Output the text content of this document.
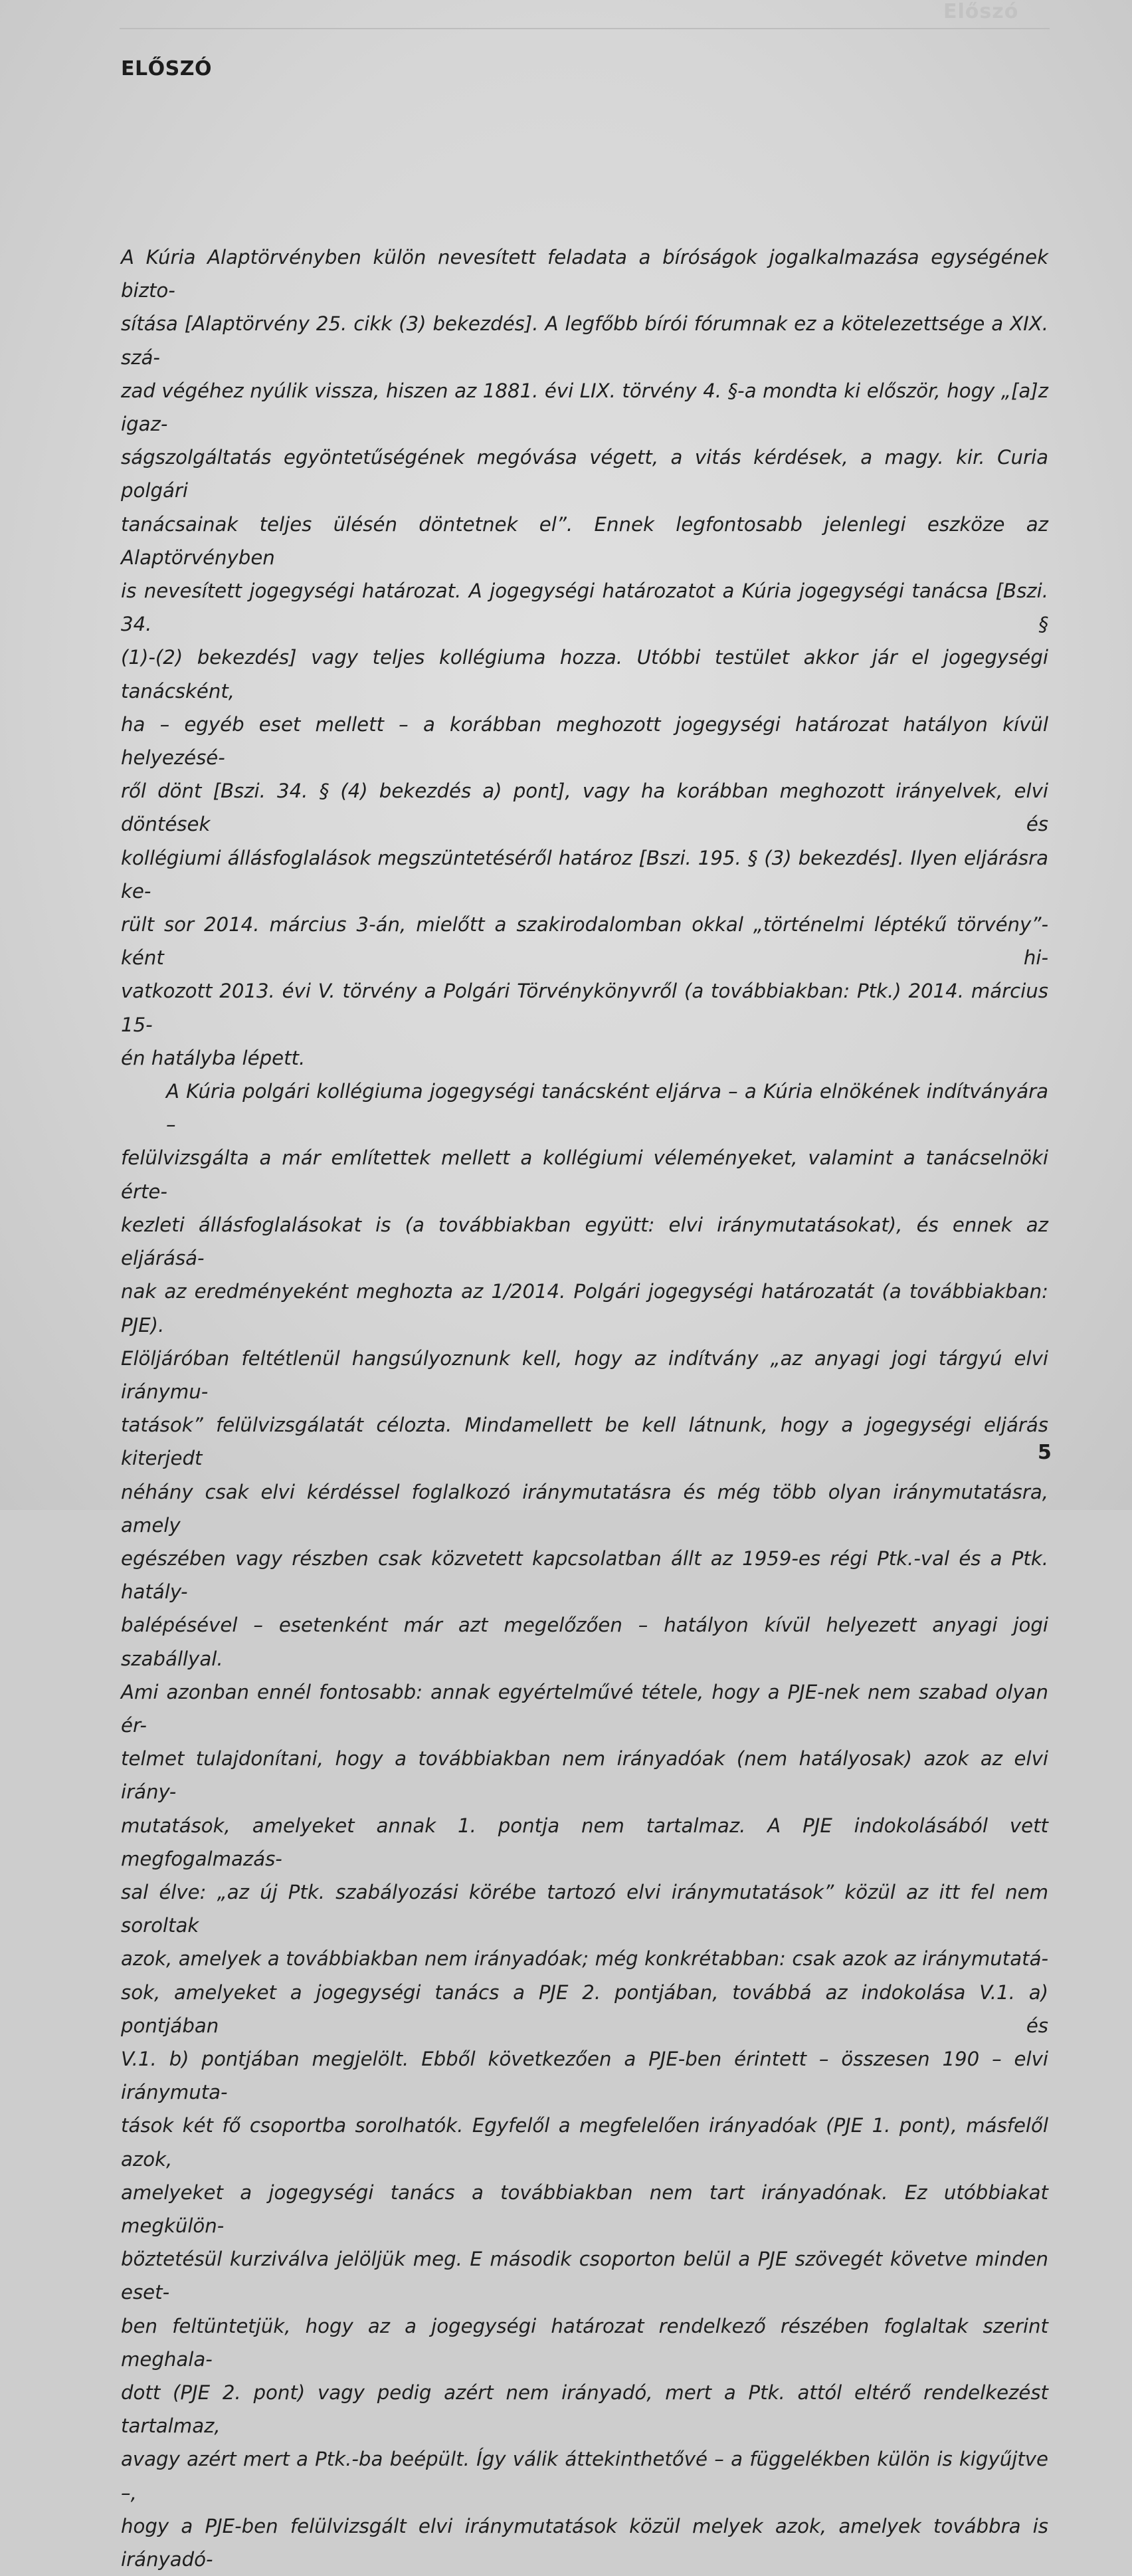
Előszó
ELŐSZÓ
A Kúria Alaptörvényben külön nevesített feladata a bíróságok jogalkalmazása egységének bizto-
sítása [Alaptörvény 25. cikk (3) bekezdés]. A legfőbb bírói fórumnak ez a kötelezettsége a XIX. szá-
zad végéhez nyúlik vissza, hiszen az 1881. évi LIX. törvény 4. §-a mondta ki először, hogy „[a]z igaz-
ságszolgáltatás egyöntetűségének megóvása végett, a vitás kérdések, a magy. kir. Curia polgári
tanácsainak teljes ülésén döntetnek el”. Ennek legfontosabb jelenlegi eszköze az Alaptörvényben
is nevesített jogegységi határozat. A jogegységi határozatot a Kúria jogegységi tanácsa [Bszi. 34. §
(1)-(2) bekezdés] vagy teljes kollégiuma hozza. Utóbbi testület akkor jár el jogegységi tanácsként,
ha – egyéb eset mellett – a korábban meghozott jogegységi határozat hatályon kívül helyezésé-
ről dönt [Bszi. 34. § (4) bekezdés a) pont], vagy ha korábban meghozott irányelvek, elvi döntések és
kollégiumi állásfoglalások megszüntetéséről határoz [Bszi. 195. § (3) bekezdés]. Ilyen eljárásra ke-
rült sor 2014. március 3-án, mielőtt a szakirodalomban okkal „történelmi léptékű törvény”-ként hi-
vatkozott 2013. évi V. törvény a Polgári Törvénykönyvről (a továbbiakban: Ptk.) 2014. március 15-
én hatályba lépett.
A Kúria polgári kollégiuma jogegységi tanácsként eljárva – a Kúria elnökének indítványára –
felülvizsgálta a már említettek mellett a kollégiumi véleményeket, valamint a tanácselnöki érte-
kezleti állásfoglalásokat is (a továbbiakban együtt: elvi iránymutatásokat), és ennek az eljárásá-
nak az eredményeként meghozta az 1/2014. Polgári jogegységi határozatát (a továbbiakban: PJE).
Elöljáróban feltétlenül hangsúlyoznunk kell, hogy az indítvány „az anyagi jogi tárgyú elvi iránymu-
tatások” felülvizsgálatát célozta. Mindamellett be kell látnunk, hogy a jogegységi eljárás kiterjedt
néhány csak elvi kérdéssel foglalkozó iránymutatásra és még több olyan iránymutatásra, amely
egészében vagy részben csak közvetett kapcsolatban állt az 1959-es régi Ptk.-val és a Ptk. hatály-
balépésével – esetenként már azt megelőzően – hatályon kívül helyezett anyagi jogi szabállyal.
Ami azonban ennél fontosabb: annak egyértelművé tétele, hogy a PJE-nek nem szabad olyan ér-
telmet tulajdonítani, hogy a továbbiakban nem irányadóak (nem hatályosak) azok az elvi irány-
mutatások, amelyeket annak 1. pontja nem tartalmaz. A PJE indokolásából vett megfogalmazás-
sal élve: „az új Ptk. szabályozási körébe tartozó elvi iránymutatások” közül az itt fel nem soroltak
azok, amelyek a továbbiakban nem irányadóak; még konkrétabban: csak azok az iránymutatá-
sok, amelyeket a jogegységi tanács a PJE 2. pontjában, továbbá az indokolása V.1. a) pontjában és
V.1. b) pontjában megjelölt. Ebből következően a PJE-ben érintett – összesen 190 – elvi iránymuta-
tások két fő csoportba sorolhatók. Egyfelől a megfelelően irányadóak (PJE 1. pont), másfelől azok,
amelyeket a jogegységi tanács a továbbiakban nem tart irányadónak. Ez utóbbiakat megkülön-
böztetésül kurziválva jelöljük meg. E második csoporton belül a PJE szövegét követve minden eset-
ben feltüntetjük, hogy az a jogegységi határozat rendelkező részében foglaltak szerint meghala-
dott (PJE 2. pont) vagy pedig azért nem irányadó, mert a Ptk. attól eltérő rendelkezést tartalmaz,
avagy azért mert a Ptk.-ba beépült. Így válik áttekinthetővé – a függelékben külön is kigyűjtve –,
hogy a PJE-ben felülvizsgált elvi iránymutatások közül melyek azok, amelyek továbbra is irányadó-
5
